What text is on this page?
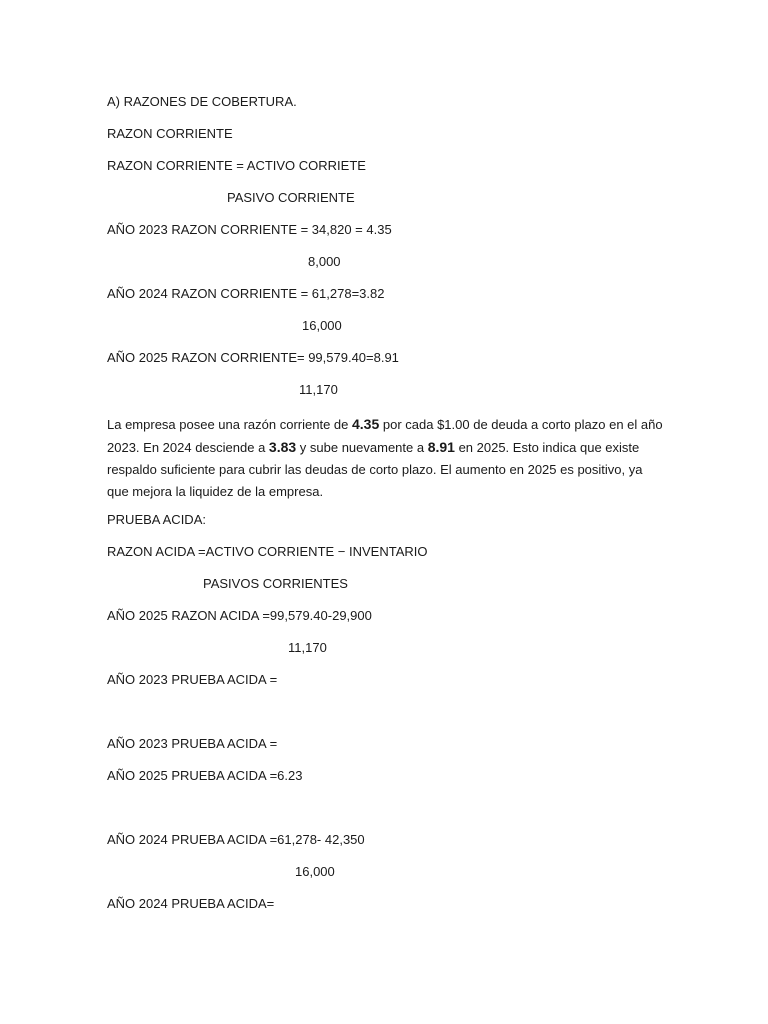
A) RAZONES DE COBERTURA.
RAZON CORRIENTE
RAZON CORRIENTE = ACTIVO CORRIETE
PASIVO CORRIENTE
AÑO 2023 RAZON CORRIENTE = 34,820 = 4.35
8,000
AÑO 2024 RAZON CORRIENTE = 61,278=3.82
16,000
AÑO 2025 RAZON CORRIENTE= 99,579.40=8.91
11,170
La empresa posee una razón corriente de 4.35 por cada $1.00 de deuda a corto plazo en el año 2023. En 2024 desciende a 3.83 y sube nuevamente a 8.91 en 2025. Esto indica que existe respaldo suficiente para cubrir las deudas de corto plazo. El aumento en 2025 es positivo, ya que mejora la liquidez de la empresa.
PRUEBA ACIDA:
RAZON ACIDA =ACTIVO CORRIENTE − INVENTARIO
PASIVOS CORRIENTES
AÑO 2025 RAZON ACIDA =99,579.40-29,900
11,170
AÑO 2023 PRUEBA ACIDA =
AÑO 2023 PRUEBA ACIDA =
AÑO 2025 PRUEBA ACIDA =6.23
AÑO 2024 PRUEBA ACIDA =61,278- 42,350
16,000
AÑO 2024 PRUEBA ACIDA=
